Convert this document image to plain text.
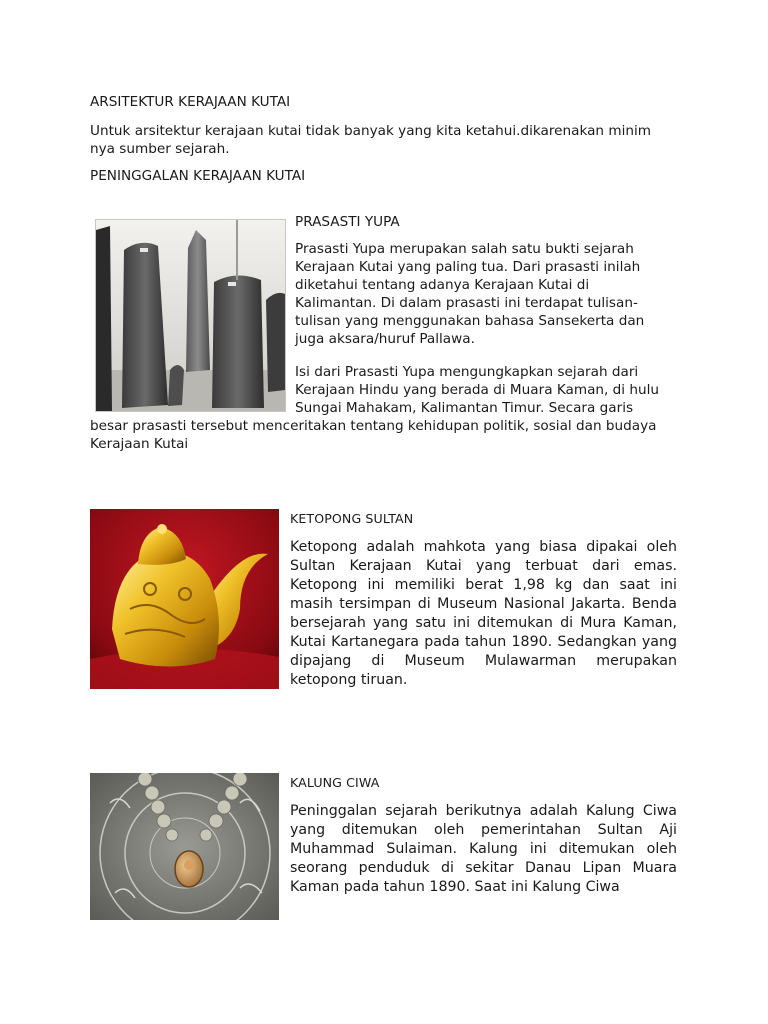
ARSITEKTUR KERAJAAN KUTAI
Untuk arsitektur kerajaan kutai tidak banyak yang kita ketahui.dikarenakan minim
nya sumber sejarah.
PENINGGALAN KERAJAAN KUTAI
PRASASTI YUPA
Prasasti Yupa merupakan salah satu bukti sejarah
Kerajaan Kutai yang paling tua. Dari prasasti inilah
diketahui tentang adanya Kerajaan Kutai di
Kalimantan. Di dalam prasasti ini terdapat tulisan-
tulisan yang menggunakan bahasa Sansekerta dan
juga aksara/huruf Pallawa.
Isi dari Prasasti Yupa mengungkapkan sejarah dari
Kerajaan Hindu yang berada di Muara Kaman, di hulu
Sungai Mahakam, Kalimantan Timur. Secara garis
besar prasasti tersebut menceritakan tentang kehidupan politik, sosial dan budaya
Kerajaan Kutai
KETOPONG SULTAN
Ketopong adalah mahkota yang biasa dipakai oleh Sultan Kerajaan Kutai yang terbuat dari emas. Ketopong ini memiliki berat 1,98 kg dan saat ini masih tersimpan di Museum Nasional Jakarta. Benda bersejarah yang satu ini ditemukan di Mura Kaman, Kutai Kartanegara pada tahun 1890. Sedangkan yang dipajang di Museum Mulawarman merupakan ketopong tiruan.
KALUNG CIWA
Peninggalan sejarah berikutnya adalah Kalung Ciwa yang ditemukan oleh pemerintahan Sultan Aji Muhammad Sulaiman. Kalung ini ditemukan oleh seorang penduduk di sekitar Danau Lipan Muara Kaman pada tahun 1890. Saat ini Kalung Ciwa
